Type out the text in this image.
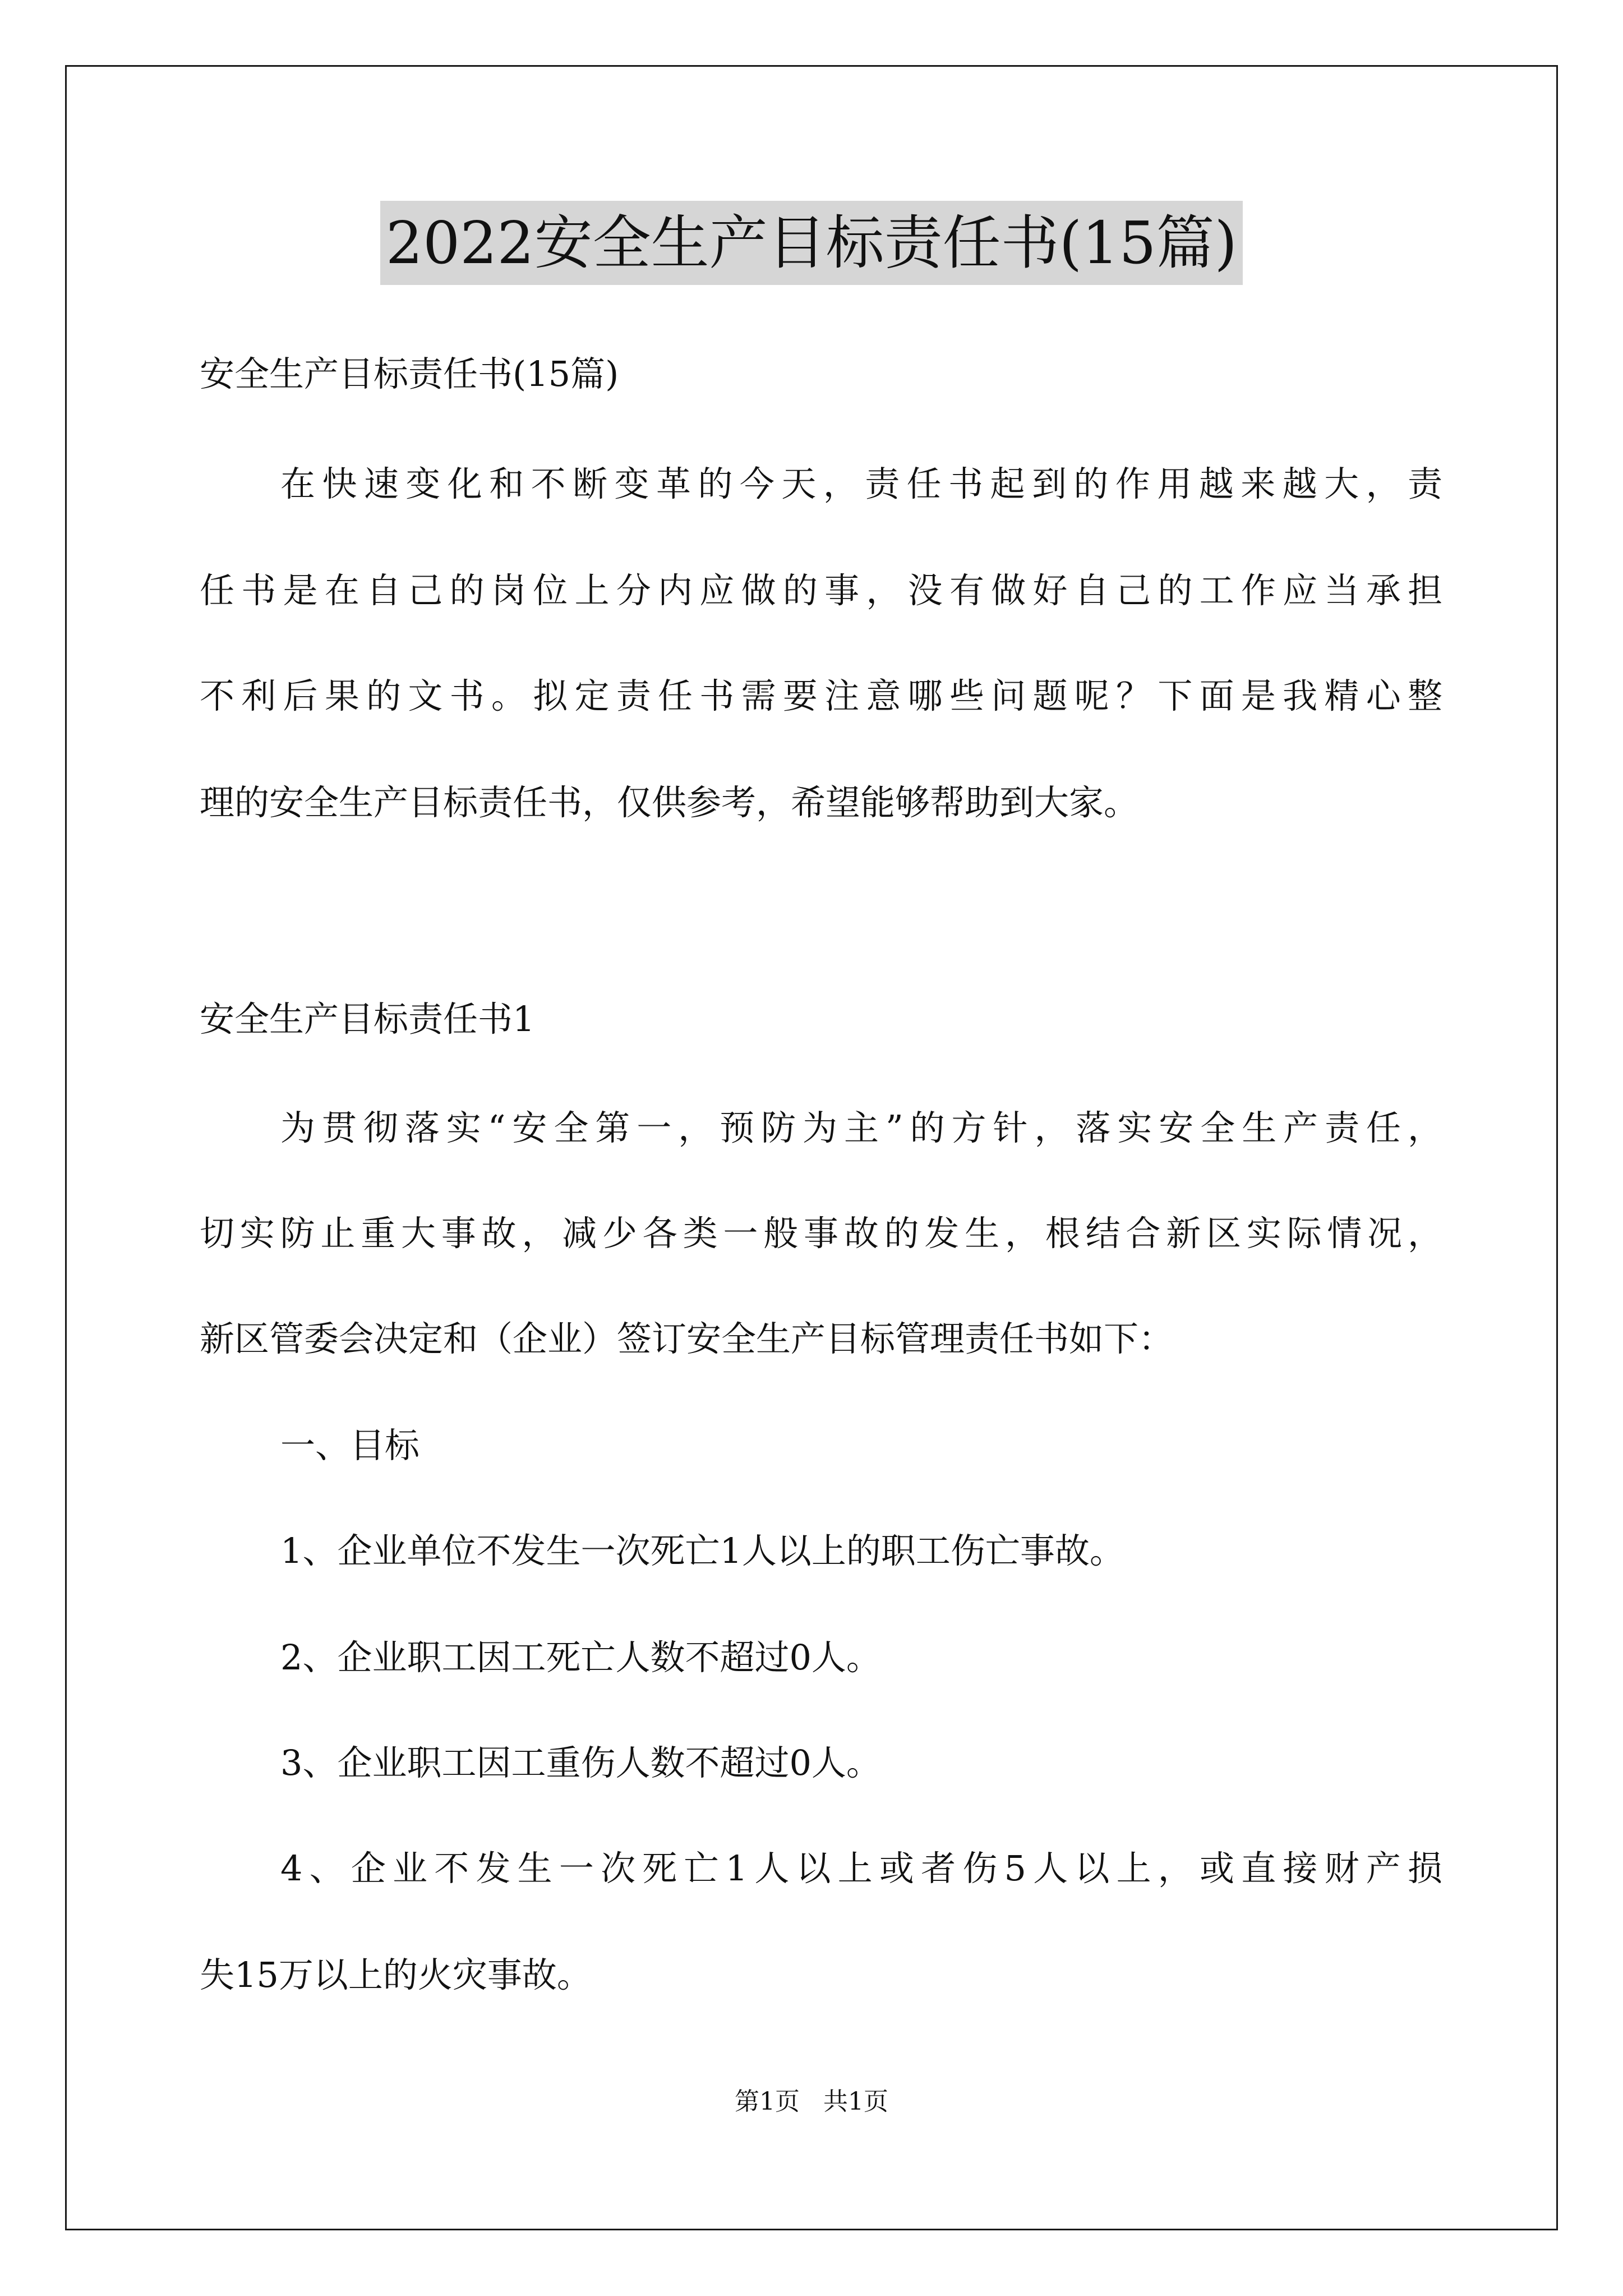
2022安全生产目标责任书(15篇)
安全生产目标责任书(15篇)
在快速变化和不断变革的今天，责任书起到的作用越来越大，责
任书是在自己的岗位上分内应做的事，没有做好自己的工作应当承担
不利后果的文书。拟定责任书需要注意哪些问题呢？下面是我精心整
理的安全生产目标责任书，仅供参考，希望能够帮助到大家。
安全生产目标责任书1
为贯彻落实“安全第一，预防为主”的方针，落实安全生产责任，
切实防止重大事故，减少各类一般事故的发生，根结合新区实际情况，
新区管委会决定和（企业）签订安全生产目标管理责任书如下：
一、目标
1、企业单位不发生一次死亡1人以上的职工伤亡事故。
2、企业职工因工死亡人数不超过0人。
3、企业职工因工重伤人数不超过0人。
4、企业不发生一次死亡1人以上或者伤5人以上，或直接财产损
失15万以上的火灾事故。
第1页 共1页
